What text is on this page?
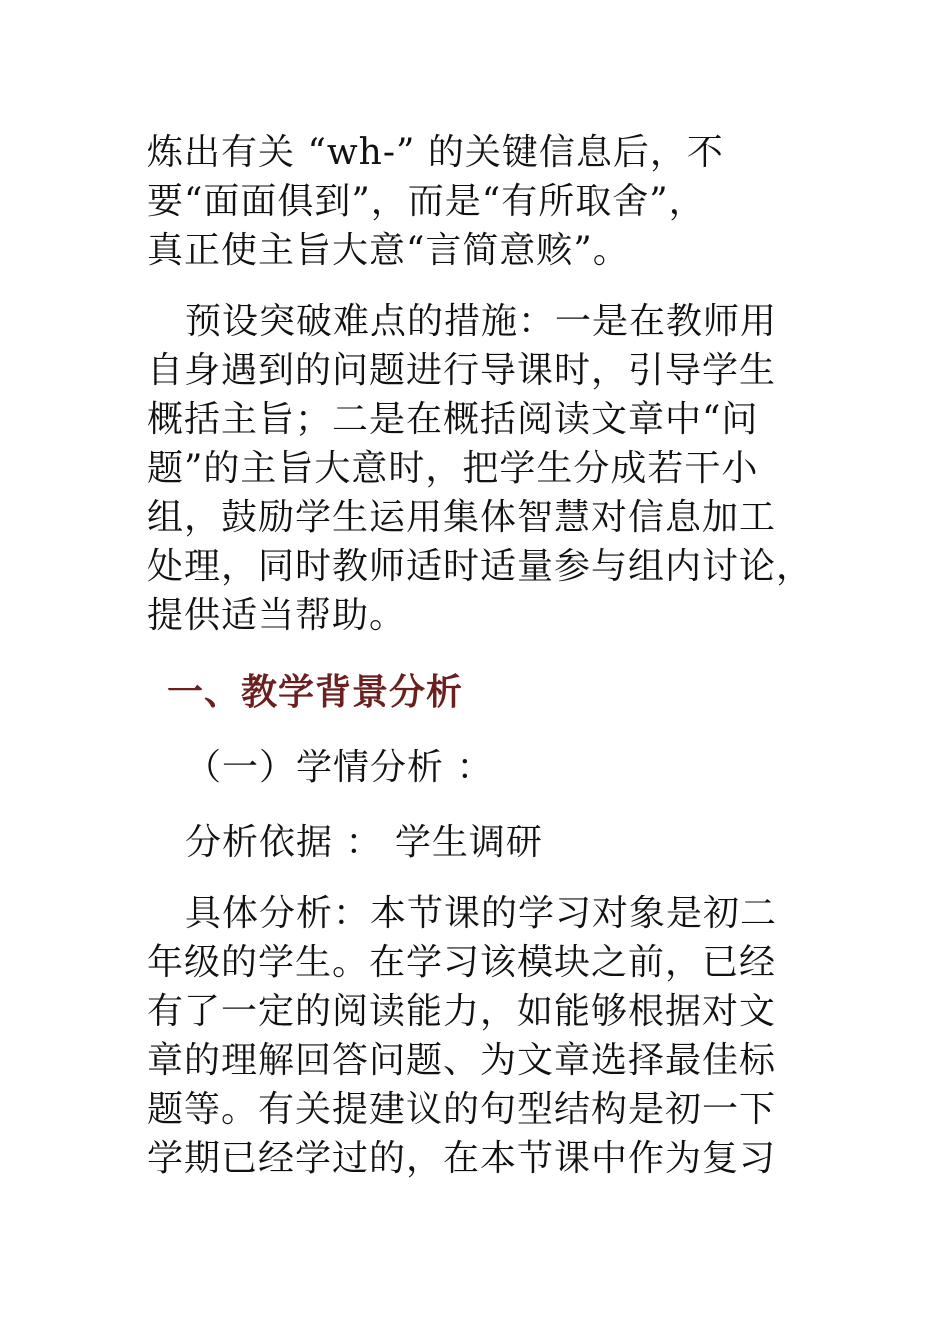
炼出有关 “wh-” 的关键信息后，不
要“面面俱到”，而是“有所取舍”，
真正使主旨大意“言简意赅”。

预设突破难点的措施：一是在教师用
自身遇到的问题进行导课时，引导学生
概括主旨；二是在概括阅读文章中“问
题”的主旨大意时，把学生分成若干小
组，鼓励学生运用集体智慧对信息加工
处理，同时教师适时适量参与组内讨论，
提供适当帮助。

一、教学背景分析

（一）学情分析 ：

分析依据 ： 学生调研

具体分析：本节课的学习对象是初二
年级的学生。在学习该模块之前，已经
有了一定的阅读能力，如能够根据对文
章的理解回答问题、为文章选择最佳标
题等。有关提建议的句型结构是初一下
学期已经学过的，在本节课中作为复习
